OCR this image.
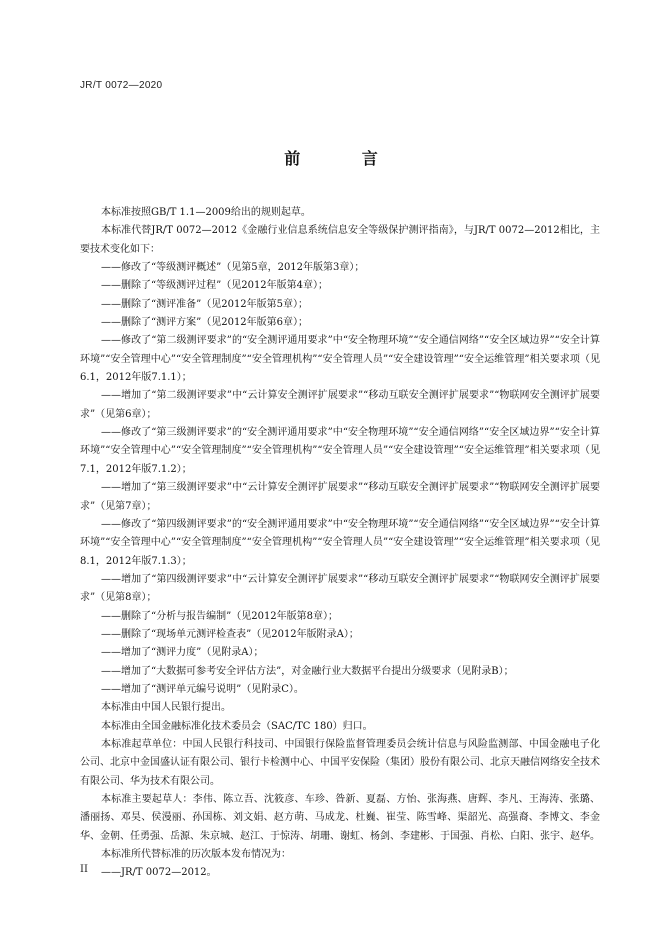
JR/T 0072—2020
前 言

本标准按照GB/T 1.1—2009给出的规则起草。

本标准代替JR/T 0072—2012《金融行业信息系统信息安全等级保护测评指南》，与JR/T 0072—2012相比，主要技术变化如下：

——修改了“等级测评概述”（见第5章，2012年版第3章）；

——删除了“等级测评过程”（见2012年版第4章）；

——删除了“测评准备”（见2012年版第5章）；

——删除了“测评方案”（见2012年版第6章）；

——修改了“第二级测评要求”的“安全测评通用要求”中“安全物理环境”“安全通信网络”“安全区域边界”“安全计算环境”“安全管理中心”“安全管理制度”“安全管理机构”“安全管理人员”“安全建设管理”“安全运维管理”相关要求项（见6.1，2012年版7.1.1）；

——增加了“第二级测评要求”中“云计算安全测评扩展要求”“移动互联安全测评扩展要求”“物联网安全测评扩展要求”（见第6章）；

——修改了“第三级测评要求”的“安全测评通用要求”中“安全物理环境”“安全通信网络”“安全区域边界”“安全计算环境”“安全管理中心”“安全管理制度”“安全管理机构”“安全管理人员”“安全建设管理”“安全运维管理”相关要求项（见7.1，2012年版7.1.2）；

——增加了“第三级测评要求”中“云计算安全测评扩展要求”“移动互联安全测评扩展要求”“物联网安全测评扩展要求”（见第7章）；

——修改了“第四级测评要求”的“安全测评通用要求”中“安全物理环境”“安全通信网络”“安全区域边界”“安全计算环境”“安全管理中心”“安全管理制度”“安全管理机构”“安全管理人员”“安全建设管理”“安全运维管理”相关要求项（见8.1，2012年版7.1.3）；

——增加了“第四级测评要求”中“云计算安全测评扩展要求”“移动互联安全测评扩展要求”“物联网安全测评扩展要求”（见第8章）；

——删除了“分析与报告编制”（见2012年版第8章）；

——删除了“现场单元测评检查表”（见2012年版附录A）；

——增加了“测评力度”（见附录A）；

——增加了“大数据可参考安全评估方法”，对金融行业大数据平台提出分级要求（见附录B）；

——增加了“测评单元编号说明”（见附录C）。

本标准由中国人民银行提出。

本标准由全国金融标准化技术委员会（SAC/TC 180）归口。

本标准起草单位：中国人民银行科技司、中国银行保险监督管理委员会统计信息与风险监测部、中国金融电子化公司、北京中金国盛认证有限公司、银行卡检测中心、中国平安保险（集团）股份有限公司、北京天融信网络安全技术有限公司、华为技术有限公司。

本标准主要起草人：李伟、陈立吾、沈筱彦、车珍、昝新、夏磊、方怡、张海燕、唐辉、李凡、王海涛、张璐、潘丽扬、邓昊、侯漫丽、孙国栋、刘文娟、赵方萌、马成龙、杜巍、崔莹、陈雪峰、渠韶光、高强裔、李博文、李金华、金朝、任勇强、岳源、朱京城、赵江、于惊涛、胡珊、谢虹、杨剑、李建彬、于国强、肖松、白阳、张宇、赵华。

本标准所代替标准的历次版本发布情况为：

——JR/T 0072—2012。

II
